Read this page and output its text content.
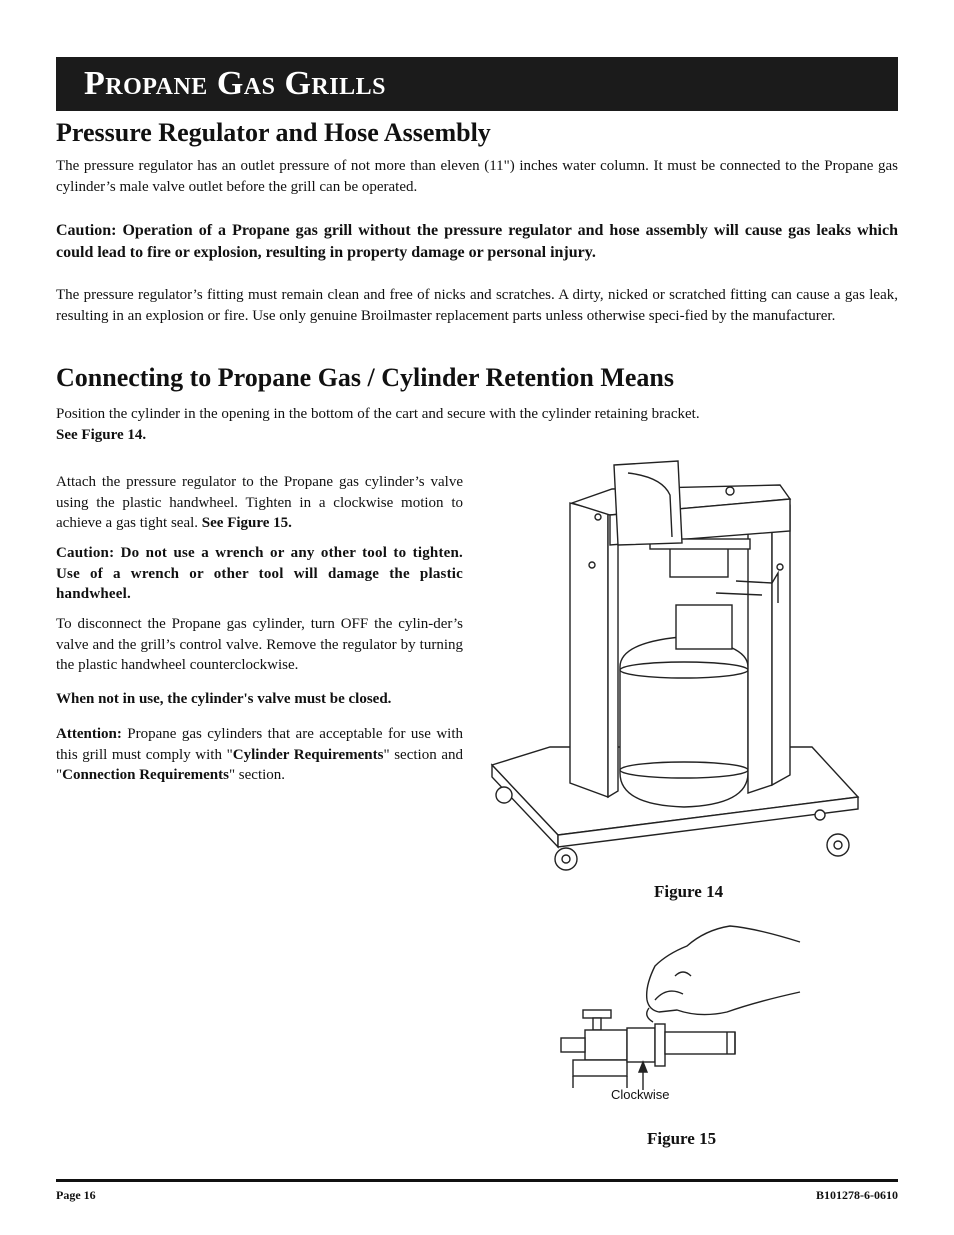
Propane Gas Grills
Pressure Regulator and Hose Assembly

The pressure regulator has an outlet pressure of not more than eleven (11") inches water column. It must be connected to the Propane gas cylinder’s male valve outlet before the grill can be operated.

Caution: Operation of a Propane gas grill without the pressure regulator and hose assembly will cause gas leaks which could lead to fire or explosion, resulting in property damage or personal injury.

The pressure regulator’s fitting must remain clean and free of nicks and scratches. A dirty, nicked or scratched fitting can cause a gas leak, resulting in an explosion or fire. Use only genuine Broilmaster replacement parts unless otherwise speci-fied by the manufacturer.

Connecting to Propane Gas / Cylinder Retention Means

Position the cylinder in the opening in the bottom of the cart and secure with the cylinder retaining bracket.
See Figure 14.

Attach the pressure regulator to the Propane gas cylinder’s valve using the plastic handwheel. Tighten in a clockwise motion to achieve a gas tight seal. See Figure 15.

Caution: Do not use a wrench or any other tool to tighten. Use of a wrench or other tool will damage the plastic handwheel.

To disconnect the Propane gas cylinder, turn OFF the cylin-der’s valve and the grill’s control valve. Remove the regulator by turning the plastic handwheel counterclockwise.

When not in use, the cylinder's valve must be closed.

Attention: Propane gas cylinders that are acceptable for use with this grill must comply with "Cylinder Requirements" section and "Connection Requirements" section.

Figure 14
Clockwise
Figure 15
Page 16	B101278-6-0610
